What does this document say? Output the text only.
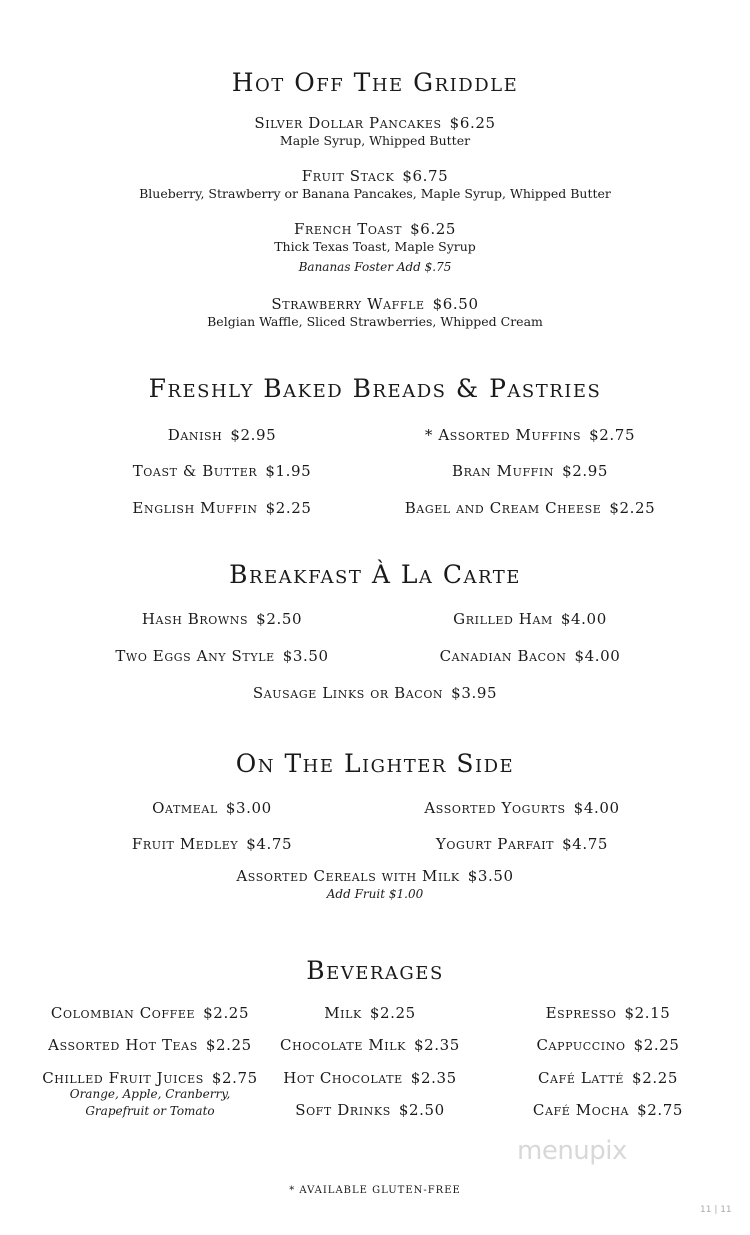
Hot Off The Griddle
Silver Dollar Pancakes $6.25
Maple Syrup, Whipped Butter
Fruit Stack $6.75
Blueberry, Strawberry or Banana Pancakes, Maple Syrup, Whipped Butter
French Toast $6.25
Thick Texas Toast, Maple Syrup
Bananas Foster Add $.75
Strawberry Waffle $6.50
Belgian Waffle, Sliced Strawberries, Whipped Cream
Freshly Baked Breads & Pastries
Danish $2.95
Toast & Butter $1.95
English Muffin $2.25
* Assorted Muffins $2.75
Bran Muffin $2.95
Bagel and Cream Cheese $2.25
Breakfast À La Carte
Hash Browns $2.50
Two Eggs Any Style $3.50
Grilled Ham $4.00
Canadian Bacon $4.00
Sausage Links or Bacon $3.95
On The Lighter Side
Oatmeal $3.00
Fruit Medley $4.75
Assorted Yogurts $4.00
Yogurt Parfait $4.75
Assorted Cereals with Milk $3.50
Add Fruit $1.00
Beverages
Colombian Coffee $2.25
Assorted Hot Teas $2.25
Chilled Fruit Juices $2.75
Orange, Apple, Cranberry,
Grapefruit or Tomato
Milk $2.25
Chocolate Milk $2.35
Hot Chocolate $2.35
Soft Drinks $2.50
Espresso $2.15
Cappuccino $2.25
Café Latté $2.25
Café Mocha $2.75
menupix
* AVAILABLE GLUTEN-FREE
11 | 11
